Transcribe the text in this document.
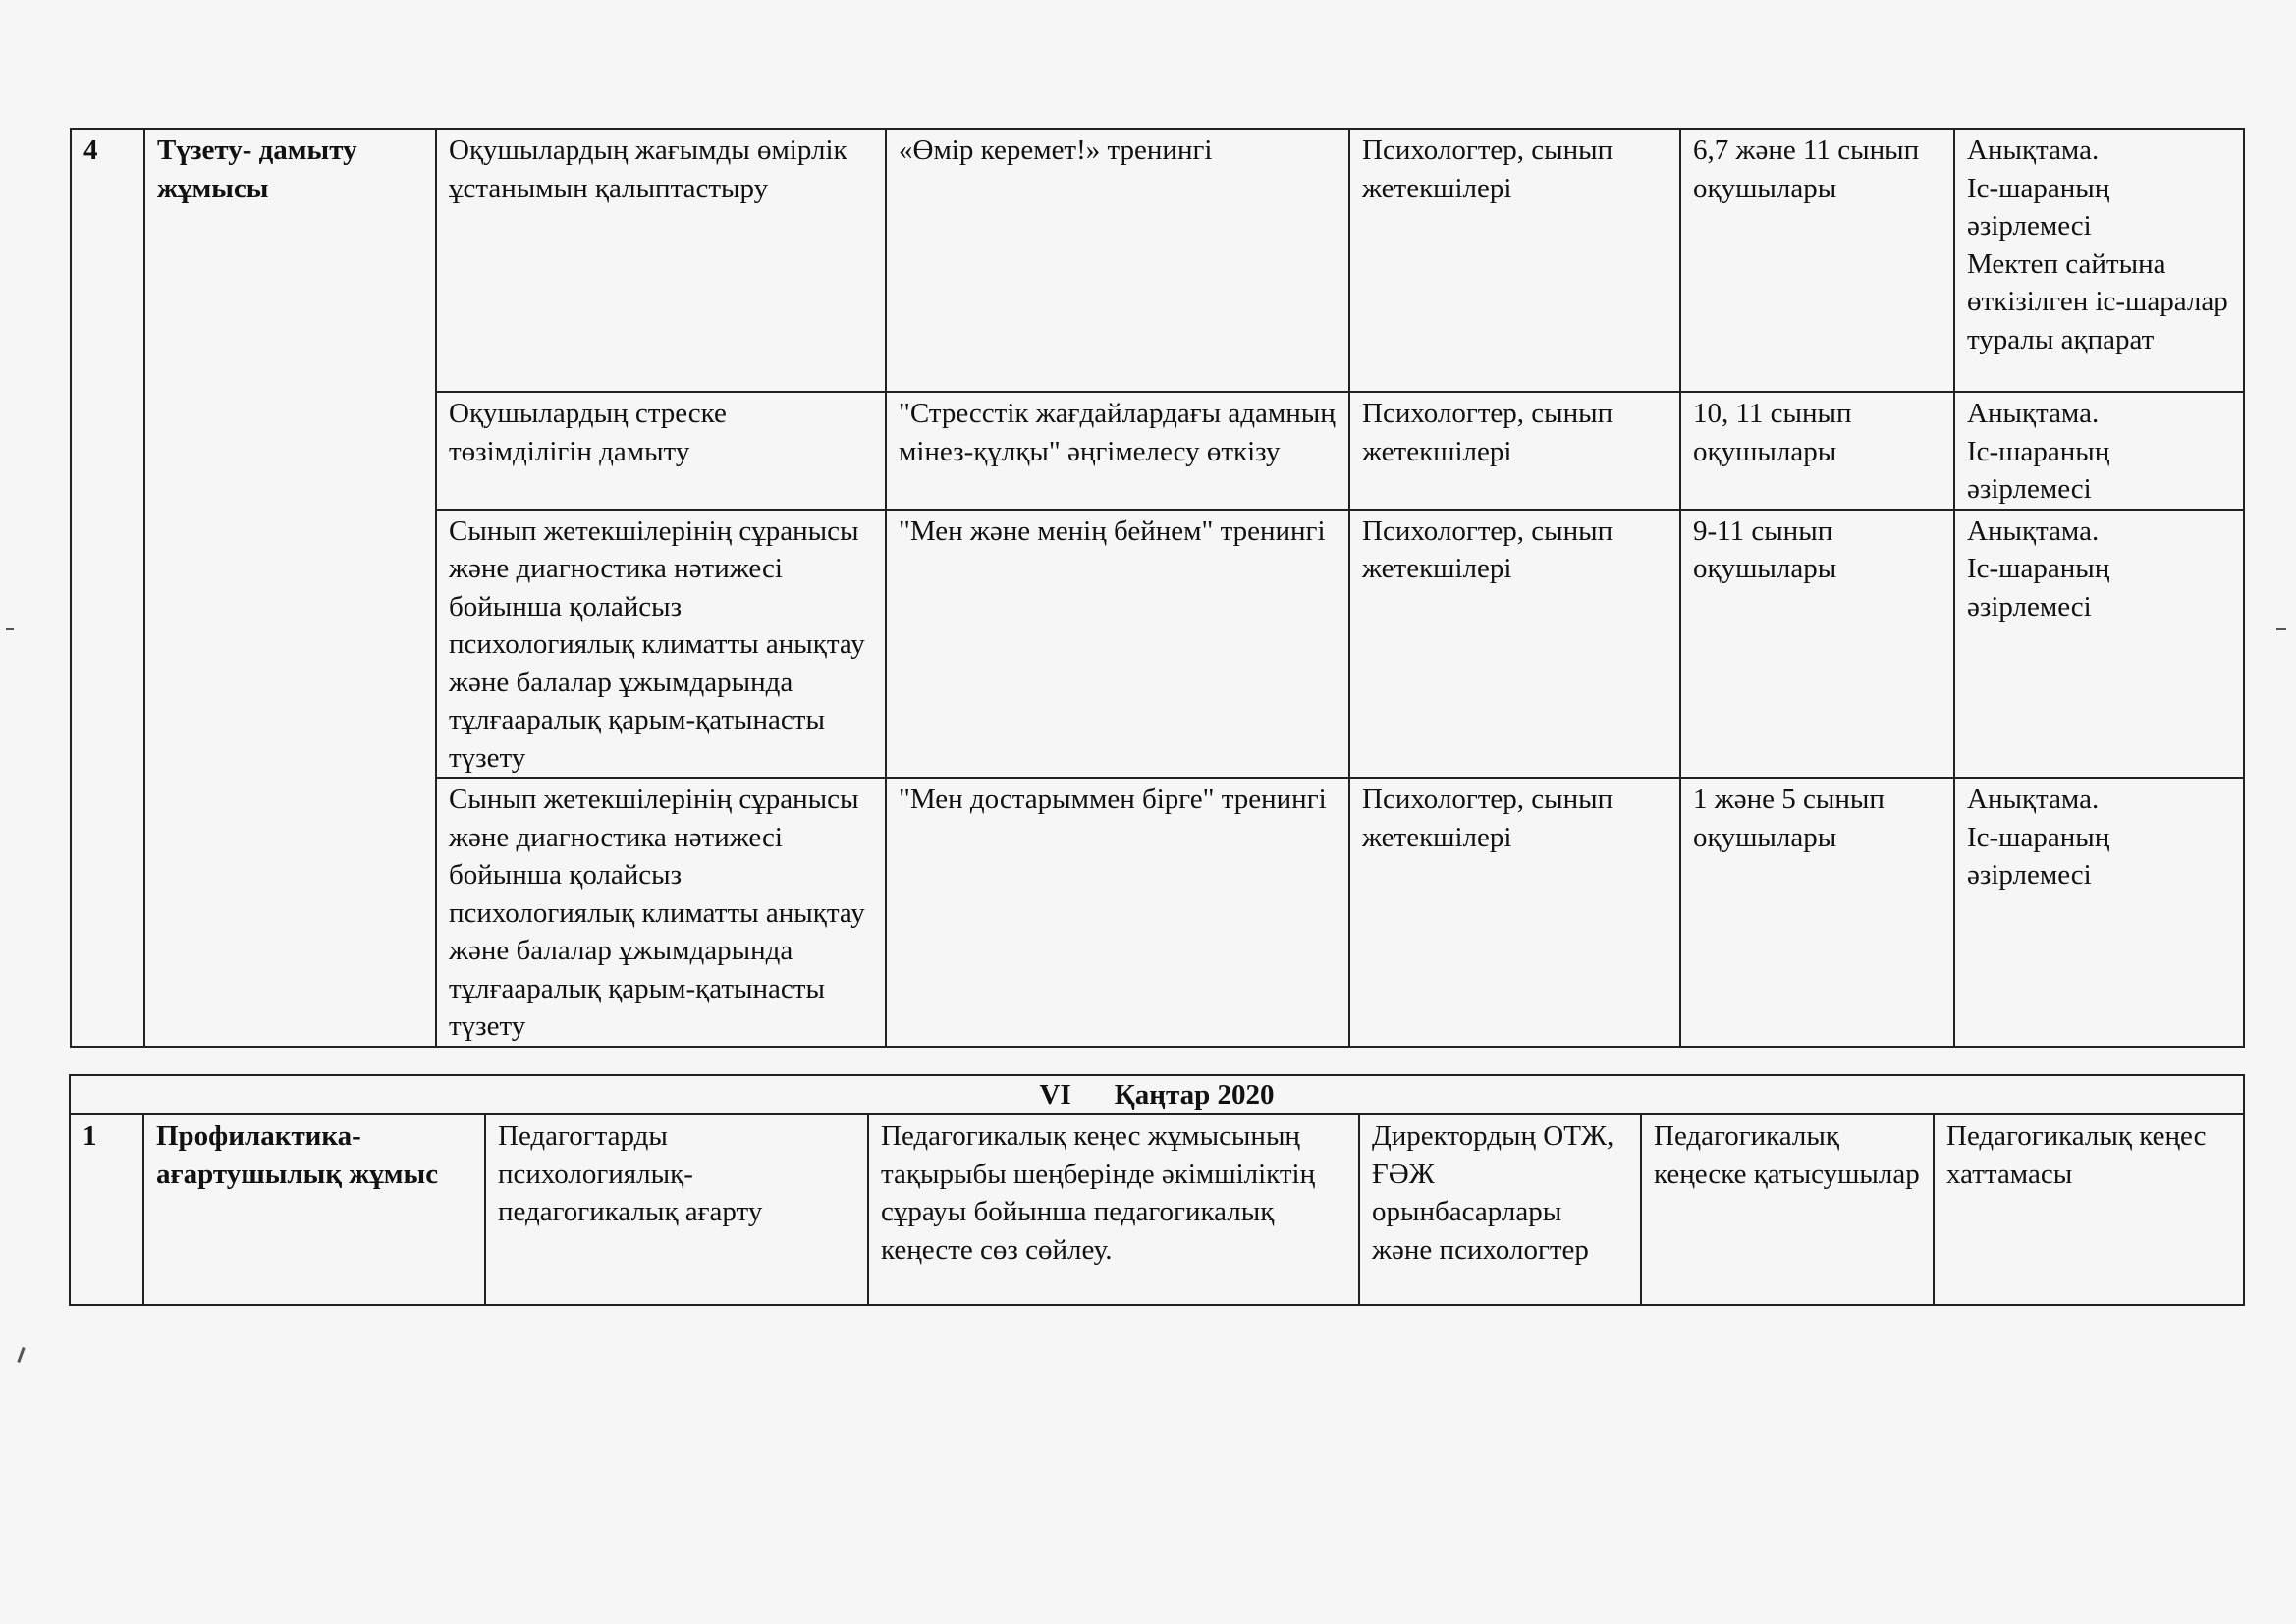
4	Түзету- дамыту жұмысы	Оқушылардың жағымды өмірлік ұстанымын қалыптастыру	«Өмір керемет!» тренингі	Психологтер, сынып жетекшілері	6,7 және 11 сынып оқушылары	Анықтама.
Іс-шараның әзірлемесі
Мектеп сайтына өткізілген іс-шаралар туралы ақпарат

		Оқушылардың стреске төзімділігін дамыту	"Стресстік жағдайлардағы адамның мінез-құлқы" әңгімелесу өткізу	Психологтер, сынып жетекшілері	10, 11 сынып оқушылары	Анықтама.
Іс-шараның әзірлемесі

		Сынып жетекшілерінің сұранысы және диагностика нәтижесі бойынша қолайсыз психологиялық климатты анықтау және балалар ұжымдарында тұлғааралық қарым-қатынасты түзету	"Мен және менің бейнем" тренингі	Психологтер, сынып жетекшілері	9-11 сынып оқушылары	Анықтама.
Іс-шараның әзірлемесі

		Сынып жетекшілерінің сұранысы және диагностика нәтижесі бойынша қолайсыз психологиялық климатты анықтау және балалар ұжымдарында тұлғааралық қарым-қатынасты түзету	"Мен достарыммен бірге" тренингі	Психологтер, сынып жетекшілері	1 және 5 сынып оқушылары	Анықтама.
Іс-шараның әзірлемесі
VI Қаңтар 2020
1	Профилактика-ағартушылық жұмыс	Педагогтарды психологиялық-педагогикалық ағарту	Педагогикалық кеңес жұмысының тақырыбы шеңберінде әкімшіліктің сұрауы бойынша педагогикалық кеңесте сөз сөйлеу.	Директордың ОТЖ, ҒӘЖ орынбасарлары және психологтер	Педагогикалық кеңеске қатысушылар	Педагогикалық кеңес хаттамасы
